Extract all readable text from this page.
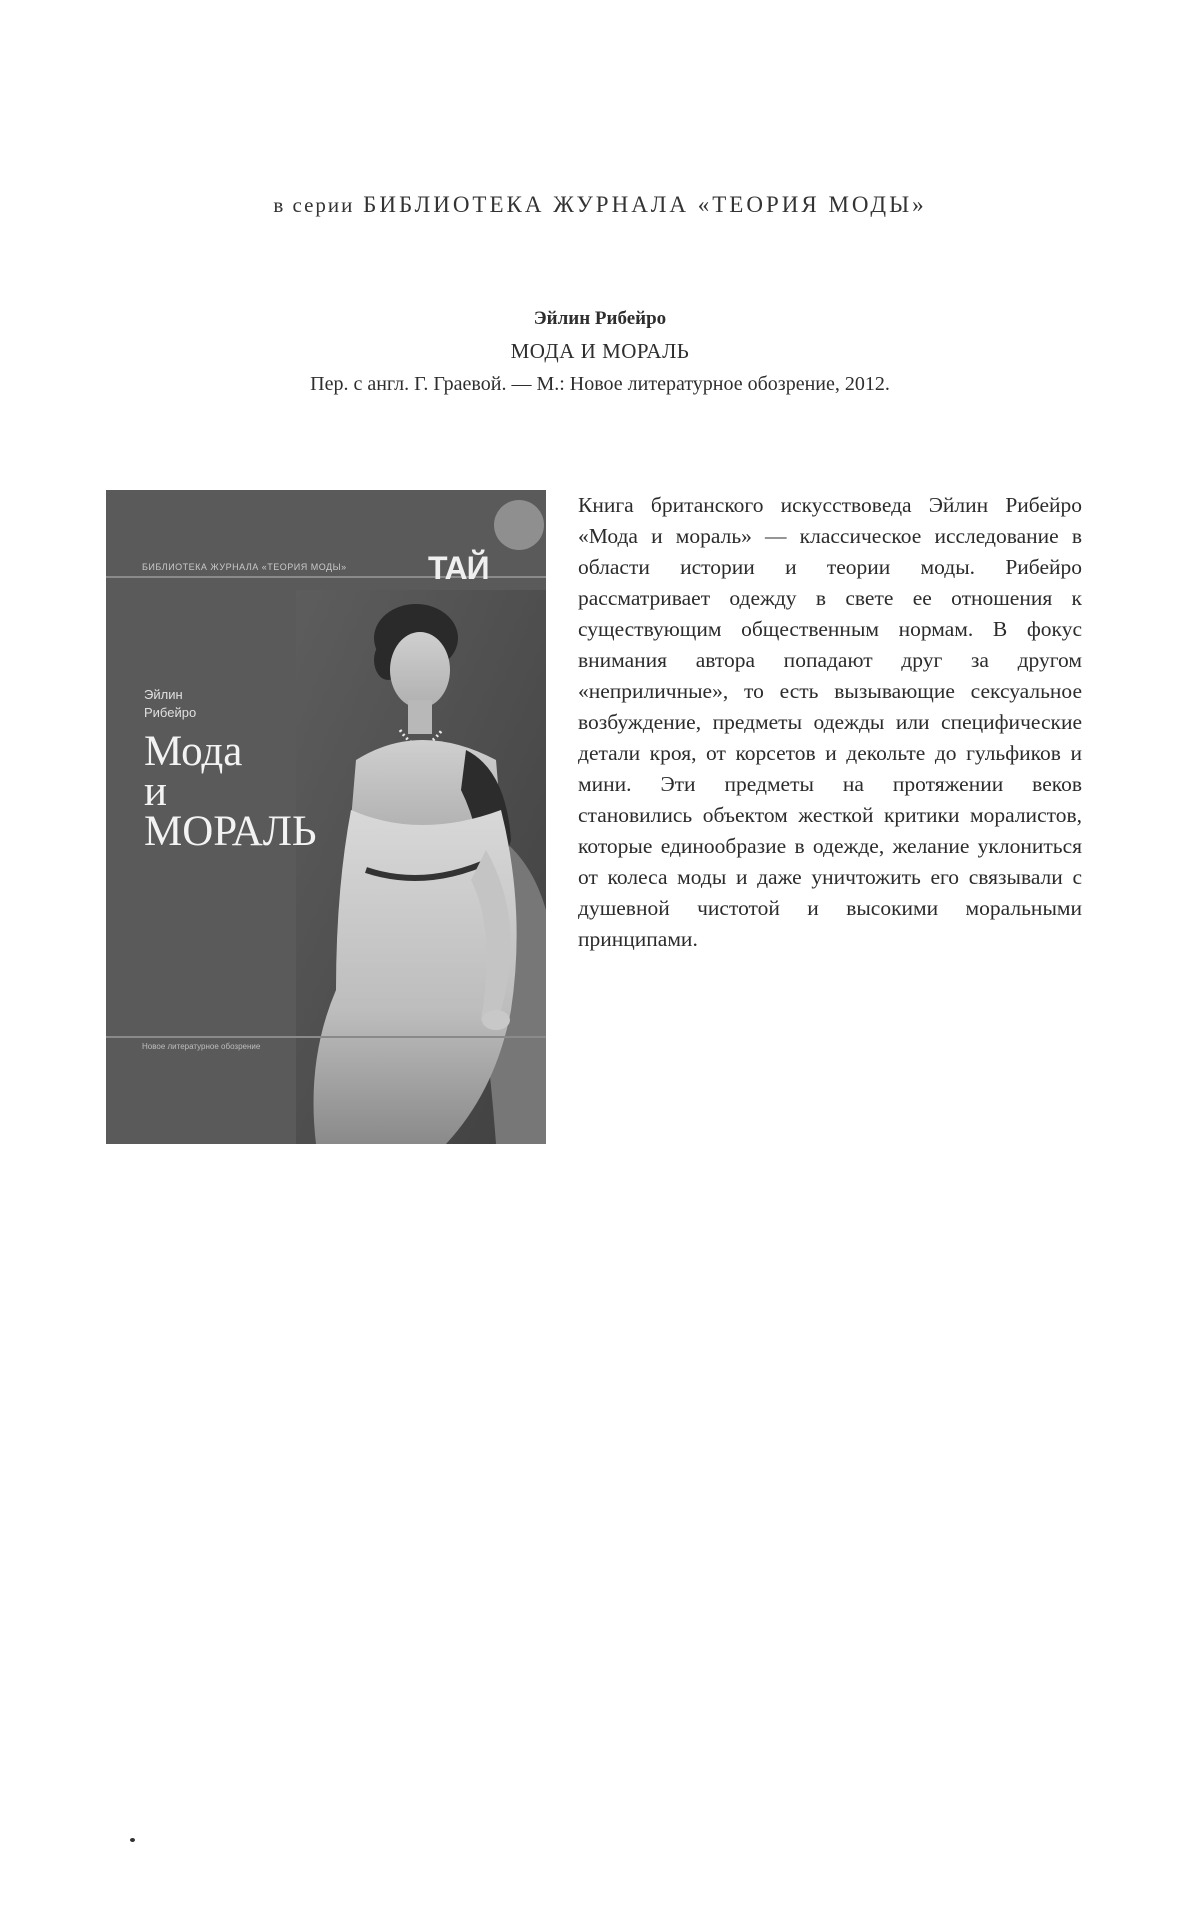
в серии БИБЛИОТЕКА ЖУРНАЛА «ТЕОРИЯ МОДЫ»
Эйлин Рибейро
МОДА И МОРАЛЬ
Пер. с англ. Г. Граевой. — М.: Новое литературное обозрение, 2012.
БИБЛИОТЕКА ЖУРНАЛА «ТЕОРИЯ МОДЫ»	ТАЙ
Эйлин
Рибейро
Мода
и
МОРАЛЬ
Новое литературное обозрение
Книга британского искусствоведа Эйлин Рибейро «Мода и мораль» — классическое исследование в области истории и теории моды. Рибейро рассматривает одежду в свете ее отношения к существующим общественным нормам. В фокус внимания автора попадают друг за другом «неприличные», то есть вызывающие сексуальное возбуждение, предметы одежды или специфические детали кроя, от корсетов и декольте до гульфиков и мини. Эти предметы на протяжении веков становились объектом жесткой критики моралистов, которые единообразие в одежде, желание уклониться от колеса моды и даже уничтожить его связывали с душевной чистотой и высокими моральными принципами.
